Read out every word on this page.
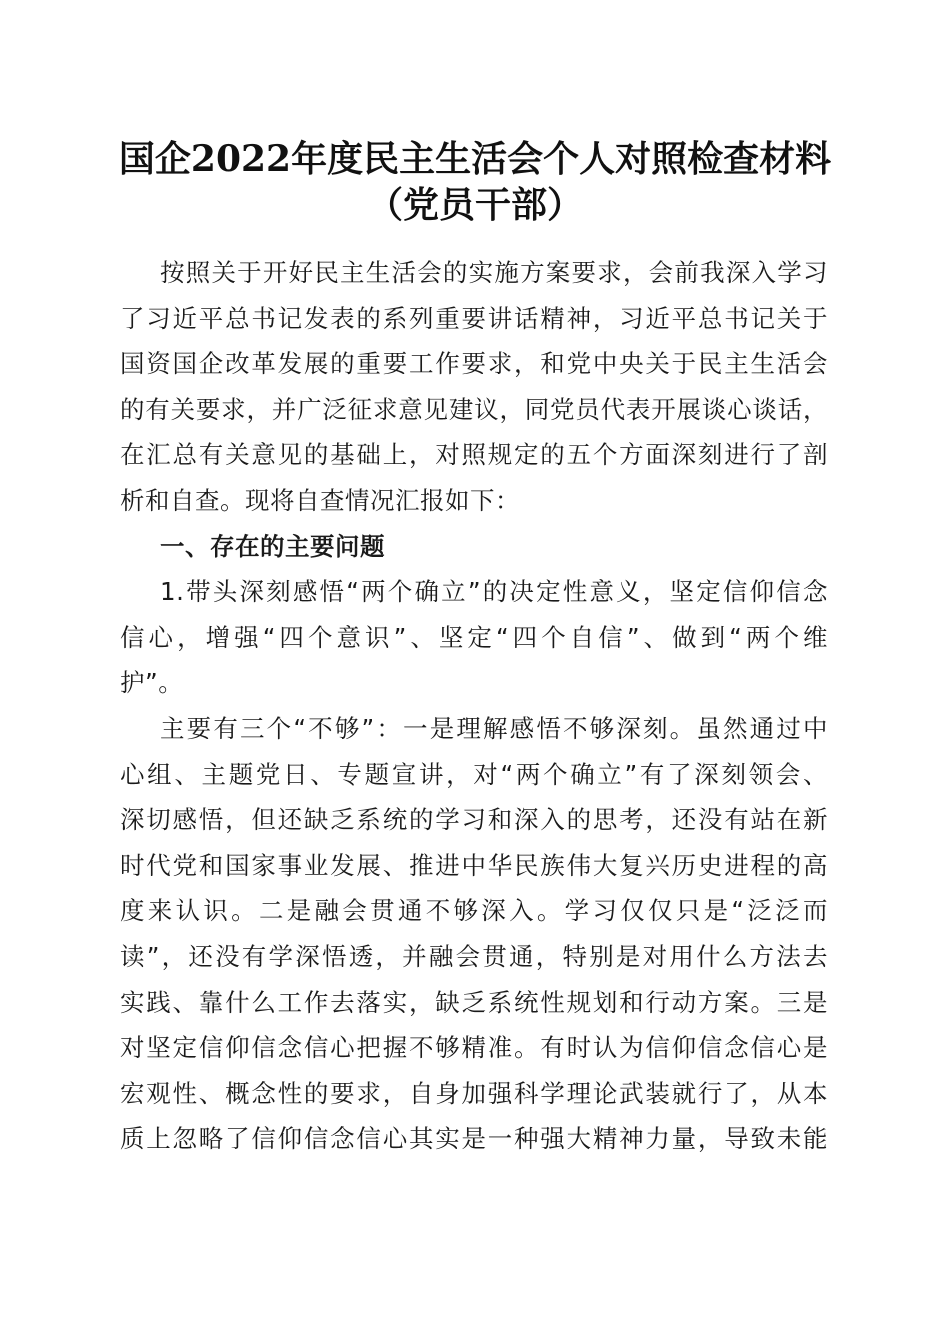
国企2022年度民主生活会个人对照检查材料
（党员干部）
按照关于开好民主生活会的实施方案要求，会前我深入学习
了习近平总书记发表的系列重要讲话精神，习近平总书记关于
国资国企改革发展的重要工作要求，和党中央关于民主生活会
的有关要求，并广泛征求意见建议，同党员代表开展谈心谈话，
在汇总有关意见的基础上，对照规定的五个方面深刻进行了剖
析和自查。现将自查情况汇报如下：
一、存在的主要问题
1.带头深刻感悟“两个确立”的决定性意义，坚定信仰信念
信心，增强“四个意识”、坚定“四个自信”、做到“两个维
护”。
主要有三个“不够”：一是理解感悟不够深刻。虽然通过中
心组、主题党日、专题宣讲，对“两个确立”有了深刻领会、
深切感悟，但还缺乏系统的学习和深入的思考，还没有站在新
时代党和国家事业发展、推进中华民族伟大复兴历史进程的高
度来认识。二是融会贯通不够深入。学习仅仅只是“泛泛而
读”，还没有学深悟透，并融会贯通，特别是对用什么方法去
实践、靠什么工作去落实，缺乏系统性规划和行动方案。三是
对坚定信仰信念信心把握不够精准。有时认为信仰信念信心是
宏观性、概念性的要求，自身加强科学理论武装就行了，从本
质上忽略了信仰信念信心其实是一种强大精神力量，导致未能
